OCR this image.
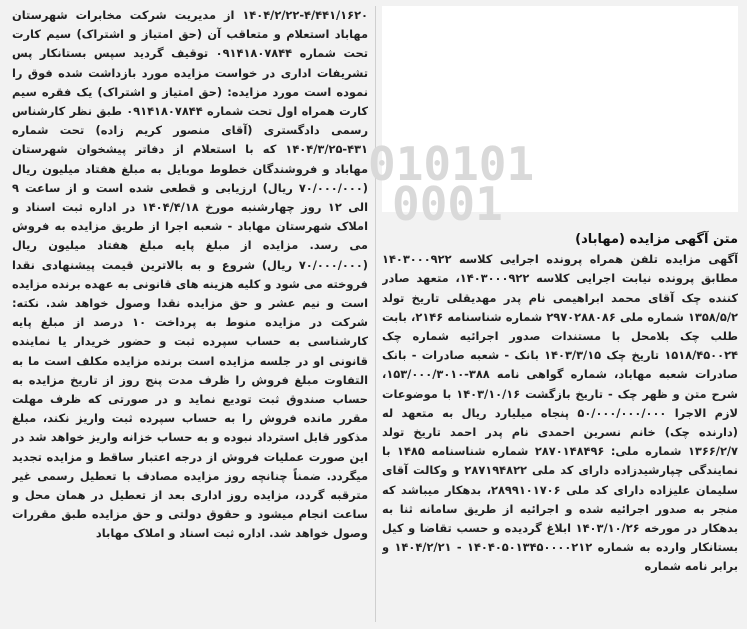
۱۴۰۴/۲/۲۲-۴/۴۴۱/۱۶۲۰ از مدیریت شرکت مخابرات شهرستان مهاباد استعلام و متعاقب آن (حق امتیاز و اشتراک) سیم کارت تحت شماره ۰۹۱۴۱۸۰۷۸۴۴ توقیف گردید سپس بستانکار پس تشریفات اداری در خواست مزایده مورد بازداشت شده فوق را نموده است مورد مزایده: (حق امتیاز و اشتراک) یک فقره سیم کارت همراه اول تحت شماره ۰۹۱۴۱۸۰۷۸۴۴ طبق نظر کارشناس رسمی دادگستری (آقای منصور کریم زاده) تحت شماره ۴۳۱-۱۴۰۴/۳/۲۵ که با استعلام از دفاتر پیشخوان شهرستان مهاباد و فروشندگان خطوط موبایل به مبلغ هفتاد میلیون ریال (۷۰/۰۰۰/۰۰۰ ریال) ارزیابی و قطعی شده است و از ساعت ۹ الی ۱۲ روز چهارشنبه مورخ ۱۴۰۴/۴/۱۸ در اداره ثبت اسناد و املاک شهرستان مهاباد - شعبه اجرا از طریق مزایده به فروش می رسد. مزایده از مبلغ پایه مبلغ هفتاد میلیون ریال (۷۰/۰۰۰/۰۰۰ ریال) شروع و به بالاترین قیمت پیشنهادی نقدا فروخته می شود و کلیه هزینه های قانونی به عهده برنده مزایده است و نیم عشر و حق مزایده نقدا وصول خواهد شد. نکته: شرکت در مزایده منوط به پرداخت ۱۰ درصد از مبلغ پایه کارشناسی به حساب سپرده ثبت و حضور خریدار یا نماینده قانونی او در جلسه مزایده است برنده مزایده مکلف است ما به التفاوت مبلغ فروش را ظرف مدت پنج روز از تاریخ مزایده به حساب صندوق ثبت تودیع نماید و در صورتی که ظرف مهلت مقرر مانده فروش را به حساب سپرده ثبت واریز نکند، مبلغ مذکور قابل استرداد نبوده و به حساب خزانه واریز خواهد شد در این صورت عملیات فروش از درجه اعتبار ساقط و مزایده تجدید میگردد. ضمناً چنانچه روز مزایده مصادف با تعطیل رسمی غیر مترقبه گردد، مزایده روز اداری بعد از تعطیل در همان محل و ساعت انجام میشود و حقوق دولتی و حق مزایده طبق مقررات وصول خواهد شد. اداره ثبت اسناد و املاک مهاباد

010101
0001

متن آگهی مزایده (مهاباد)

آگهی مزایده تلفن همراه پرونده اجرایی کلاسه ۱۴۰۳۰۰۰۹۲۲ مطابق پرونده نیابت اجرایی کلاسه ۱۴۰۳۰۰۰۹۲۲، متعهد صادر کننده چک آقای محمد ابراهیمی نام پدر مهدیقلی تاریخ تولد ۱۳۵۸/۵/۲ شماره ملی ۲۹۷۰۲۸۸۰۸۶ شماره شناسنامه ۲۱۴۶، بابت طلب چک بلامحل با مستندات صدور اجرائیه شماره چک ۱۵۱۸/۴۵۰۰۲۴ تاریخ چک ۱۴۰۳/۳/۱۵ بانک - شعبه صادرات - بانک صادرات شعبه مهاباد، شماره گواهی نامه ۳۸۸-۱۵۳/۰۰۰/۳۰۱۰، شرح متن و ظهر چک - تاریخ بازگشت ۱۴۰۳/۱۰/۱۶ با موضوعات لازم الاجرا ۵۰/۰۰۰/۰۰۰/۰۰۰ پنجاه میلیارد ریال به متعهد له (دارنده چک) خانم نسرین احمدی نام پدر احمد تاریخ تولد ۱۳۶۶/۲/۷ شماره ملی: ۲۸۷۰۱۴۸۴۹۶ شماره شناسنامه ۱۴۸۵ با نمایندگی چپارشیدزاده دارای کد ملی ۲۸۷۱۹۴۸۲۲ و وکالت آقای سلیمان علیزاده دارای کد ملی ۲۸۹۹۱۰۱۷۰۶، بدهکار میباشد که منجر به صدور اجرائیه شده و اجرائیه از طریق سامانه ثنا به بدهکار در مورخه ۱۴۰۳/۱۰/۲۶ ابلاغ گردیده و حسب تقاضا و کیل بستانکار وارده به شماره ۱۴۰۴۰۵۰۱۳۴۵۰۰۰۰۲۱۲ - ۱۴۰۴/۲/۲۱ و برابر نامه شماره
